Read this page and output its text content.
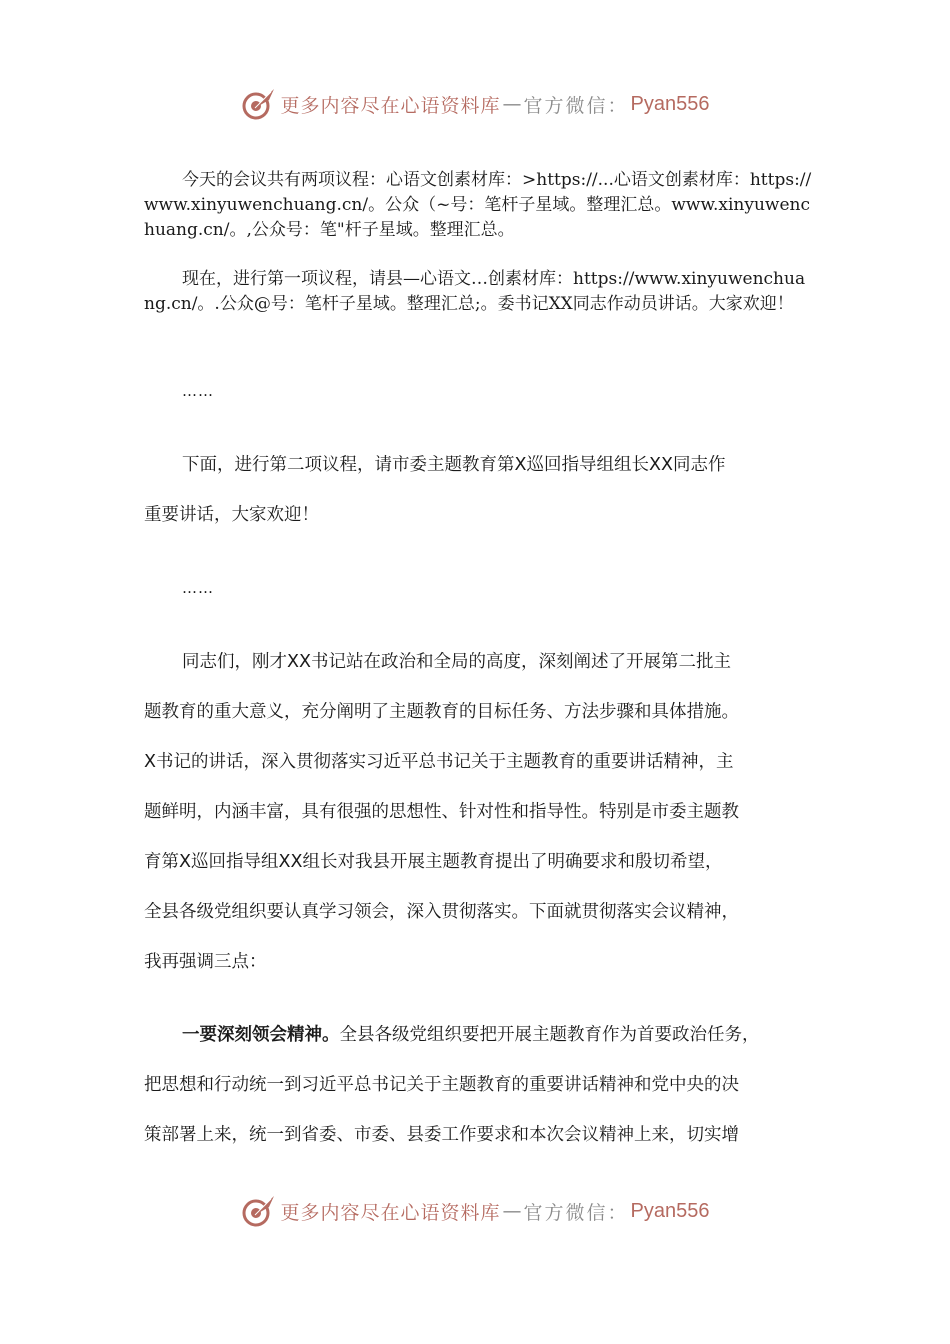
更多内容尽在心语资料库 — 官方微信： Pyan556

今天的会议共有两项议程：心语文创素材库：>https://...心语文创素材库：https://www.xinyuwenchuang.cn/。公众（~号：笔杆子星域。整理汇总。www.xinyuwenchuang.cn/。,公众号：笔"杆子星域。整理汇总。

现在，进行第一项议程，请县—心语文…创素材库：https://www.xinyuwenchuang.cn/。.公众@号：笔杆子星域。整理汇总;。委书记XX同志作动员讲话。大家欢迎！

……
下面，进行第二项议程，请市委主题教育第X巡回指导组组长XX同志作
重要讲话，大家欢迎！
……
同志们，刚才XX书记站在政治和全局的高度，深刻阐述了开展第二批主
题教育的重大意义，充分阐明了主题教育的目标任务、方法步骤和具体措施。
X书记的讲话，深入贯彻落实习近平总书记关于主题教育的重要讲话精神，主
题鲜明，内涵丰富，具有很强的思想性、针对性和指导性。特别是市委主题教
育第X巡回指导组XX组长对我县开展主题教育提出了明确要求和殷切希望，
全县各级党组织要认真学习领会，深入贯彻落实。下面就贯彻落实会议精神，
我再强调三点：
一要深刻领会精神。全县各级党组织要把开展主题教育作为首要政治任务，
把思想和行动统一到习近平总书记关于主题教育的重要讲话精神和党中央的决
策部署上来，统一到省委、市委、县委工作要求和本次会议精神上来，切实增
更多内容尽在心语资料库 — 官方微信： Pyan556
